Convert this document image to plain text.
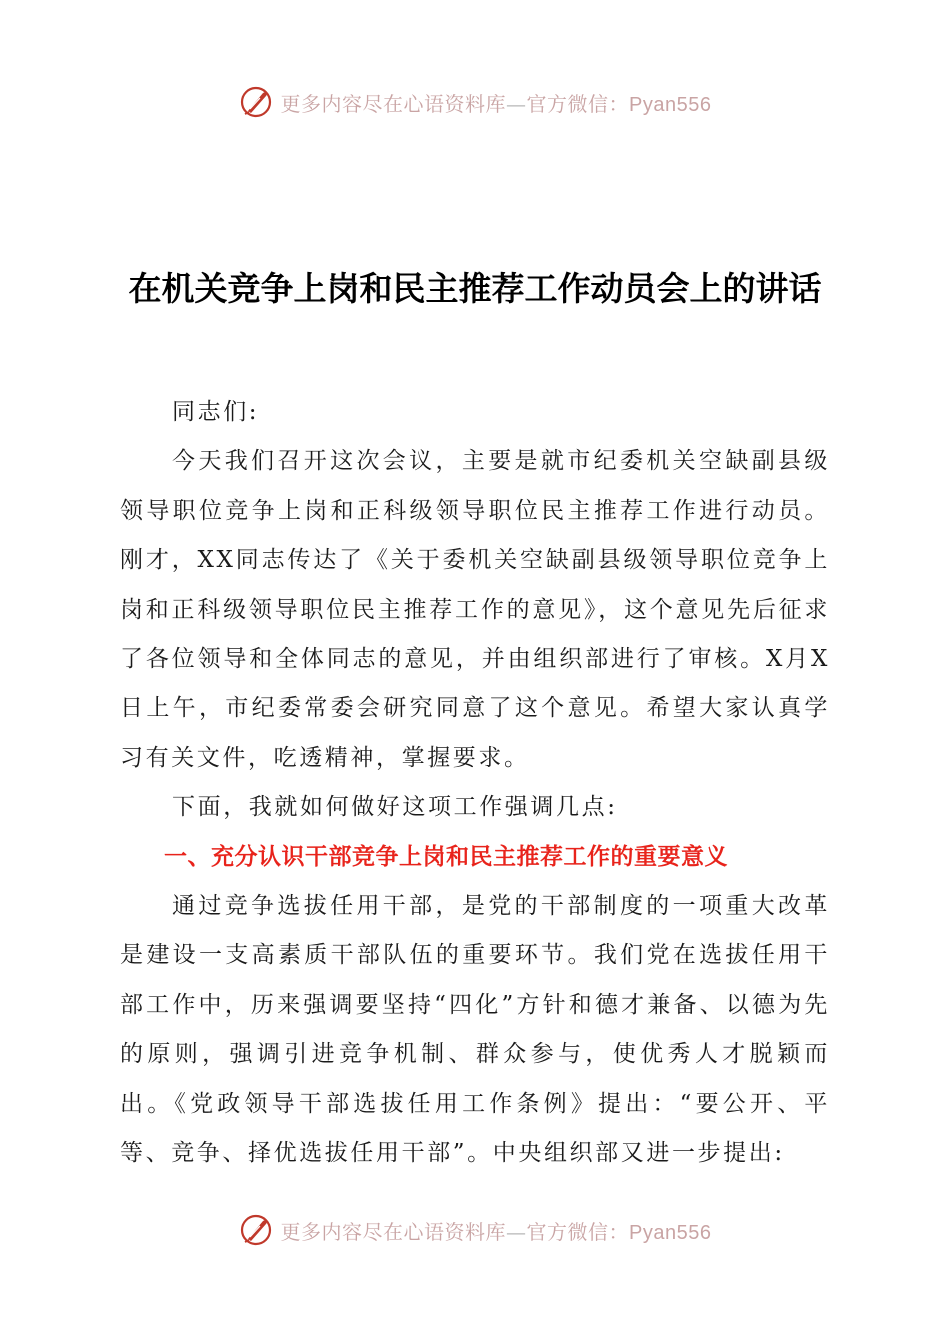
更多内容尽在心语资料库—官方微信：Pyan556
在机关竞争上岗和民主推荐工作动员会上的讲话

同志们:

今天我们召开这次会议，主要是就市纪委机关空缺副县级领导职位竞争上岗和正科级领导职位民主推荐工作进行动员。刚才，XX同志传达了《关于委机关空缺副县级领导职位竞争上岗和正科级领导职位民主推荐工作的意见》，这个意见先后征求了各位领导和全体同志的意见，并由组织部进行了审核。X月X日上午，市纪委常委会研究同意了这个意见。希望大家认真学习有关文件，吃透精神，掌握要求。

下面，我就如何做好这项工作强调几点:

一、充分认识干部竞争上岗和民主推荐工作的重要意义

通过竞争选拔任用干部，是党的干部制度的一项重大改革是建设一支高素质干部队伍的重要环节。我们党在选拔任用干部工作中，历来强调要坚持“四化”方针和德才兼备、以德为先的原则，强调引进竞争机制、群众参与，使优秀人才脱颖而出。《党政领导干部选拔任用工作条例》提出：“要公开、平等、竞争、择优选拔任用干部”。中央组织部又进一步提出:

更多内容尽在心语资料库—官方微信：Pyan556
